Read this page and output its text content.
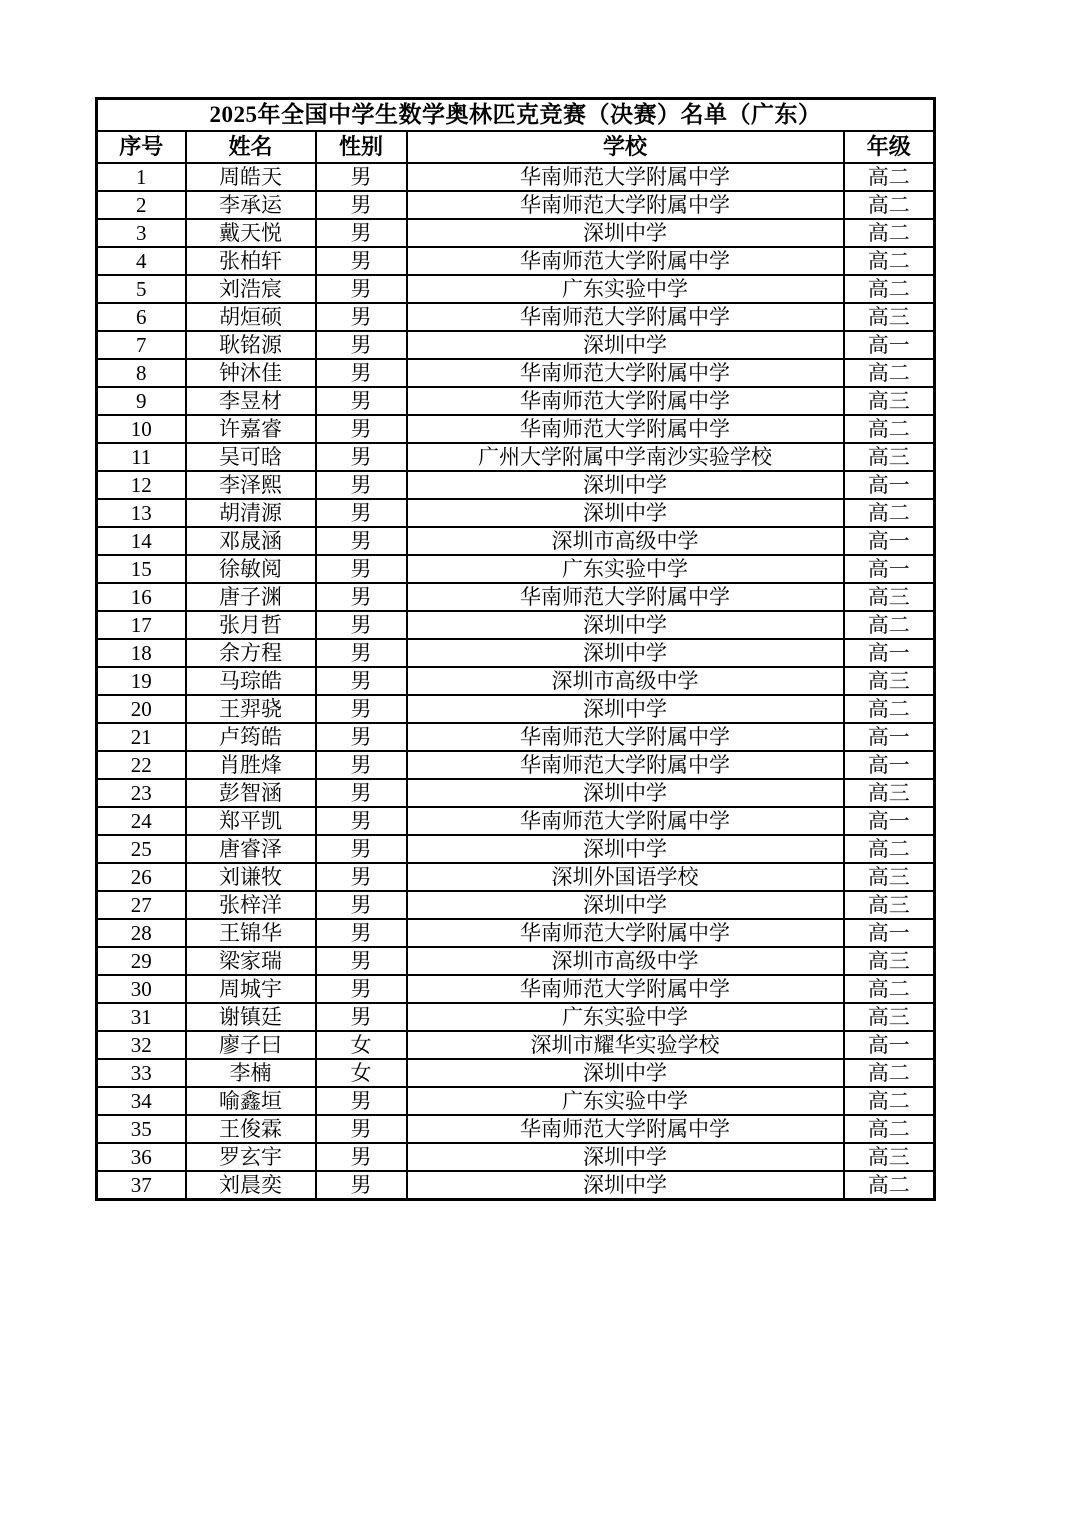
2025年全国中学生数学奥林匹克竞赛（决赛）名单（广东）				
序号	姓名	性别	学校	年级
1	周皓天	男	华南师范大学附属中学	高二
2	李承运	男	华南师范大学附属中学	高二
3	戴天悦	男	深圳中学	高二
4	张柏轩	男	华南师范大学附属中学	高二
5	刘浩宸	男	广东实验中学	高二
6	胡烜硕	男	华南师范大学附属中学	高三
7	耿铭源	男	深圳中学	高一
8	钟沐佳	男	华南师范大学附属中学	高二
9	李昱材	男	华南师范大学附属中学	高三
10	许嘉睿	男	华南师范大学附属中学	高二
11	吴可晗	男	广州大学附属中学南沙实验学校	高三
12	李泽熙	男	深圳中学	高一
13	胡清源	男	深圳中学	高二
14	邓晟涵	男	深圳市高级中学	高一
15	徐敏阅	男	广东实验中学	高一
16	唐子渊	男	华南师范大学附属中学	高三
17	张月哲	男	深圳中学	高二
18	余方程	男	深圳中学	高一
19	马琮皓	男	深圳市高级中学	高三
20	王羿骁	男	深圳中学	高二
21	卢筠皓	男	华南师范大学附属中学	高一
22	肖胜烽	男	华南师范大学附属中学	高一
23	彭智涵	男	深圳中学	高三
24	郑平凯	男	华南师范大学附属中学	高一
25	唐睿泽	男	深圳中学	高二
26	刘谦牧	男	深圳外国语学校	高三
27	张梓洋	男	深圳中学	高三
28	王锦华	男	华南师范大学附属中学	高一
29	梁家瑞	男	深圳市高级中学	高三
30	周城宇	男	华南师范大学附属中学	高二
31	谢镇廷	男	广东实验中学	高三
32	廖子曰	女	深圳市耀华实验学校	高一
33	李楠	女	深圳中学	高二
34	喻鑫垣	男	广东实验中学	高二
35	王俊霖	男	华南师范大学附属中学	高二
36	罗玄宇	男	深圳中学	高三
37	刘晨奕	男	深圳中学	高二
